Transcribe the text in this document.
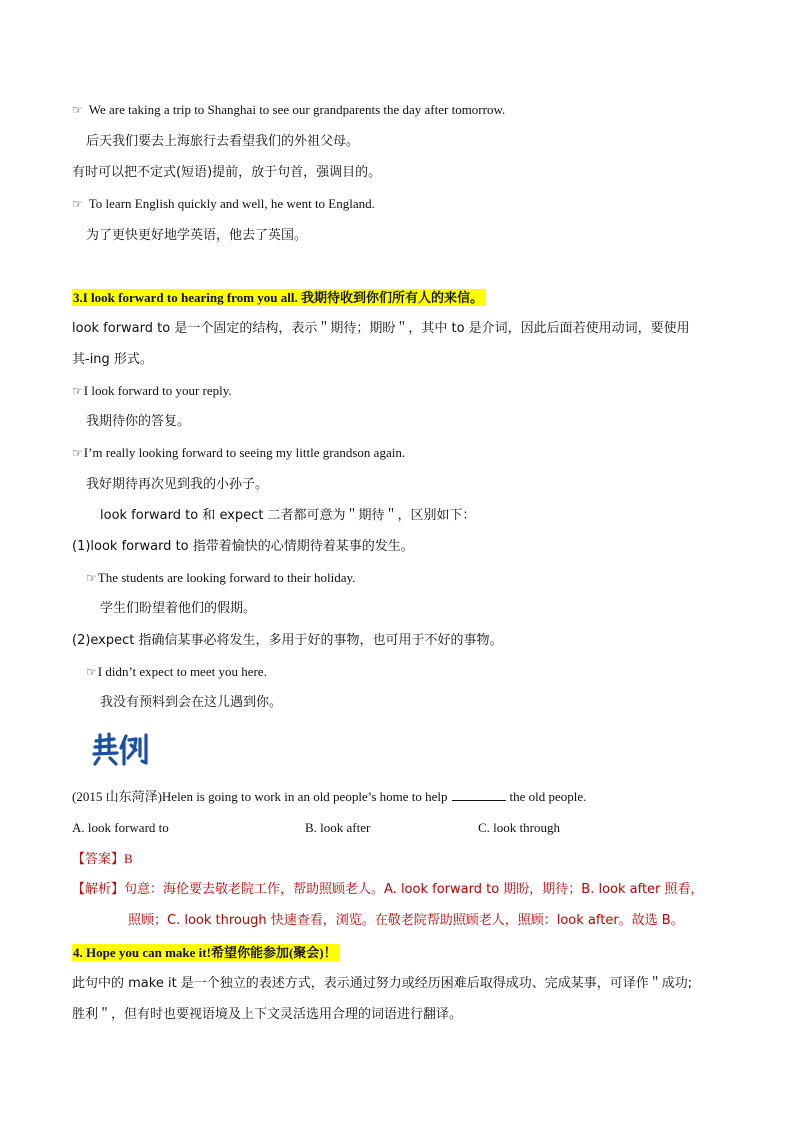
☞ We are taking a trip to Shanghai to see our grandparents the day after tomorrow.
后天我们要去上海旅行去看望我们的外祖父母。
有时可以把不定式(短语)提前，放于句首，强调目的。
☞ To learn English quickly and well, he went to England.
为了更快更好地学英语，他去了英国。
3.I look forward to hearing from you all. 我期待收到你们所有人的来信。
look forward to 是一个固定的结构，表示＂期待；期盼＂，其中 to 是介词，因此后面若使用动词，要使用
其-ing 形式。
☞I look forward to your reply.
我期待你的答复。
☞I’m really looking forward to seeing my little grandson again.
我好期待再次见到我的小孙子。
look forward to 和 expect 二者都可意为＂期待＂，区别如下：
(1)look forward to 指带着愉快的心情期待着某事的发生。
☞The students are looking forward to their holiday.
学生们盼望着他们的假期。
(2)expect 指确信某事必将发生，多用于好的事物，也可用于不好的事物。
☞I didn’t expect to meet you here.
我没有预料到会在这儿遇到你。
(2015 山东菏泽)Helen is going to work in an old people’s home to help	the old people.
A. look forward to	B. look after	C. look through
【答案】B
【解析】句意：海伦要去敬老院工作，帮助照顾老人。A. look forward to 期盼，期待；B. look after 照看，
照顾；C. look through 快速查看，浏览。在敬老院帮助照顾老人，照顾：look after。故选 B。
4. Hope you can make it!希望你能参加(聚会)！
此句中的 make it 是一个独立的表述方式，表示通过努力或经历困难后取得成功、完成某事，可译作＂成功;
胜利＂，但有时也要视语境及上下文灵活选用合理的词语进行翻译。
